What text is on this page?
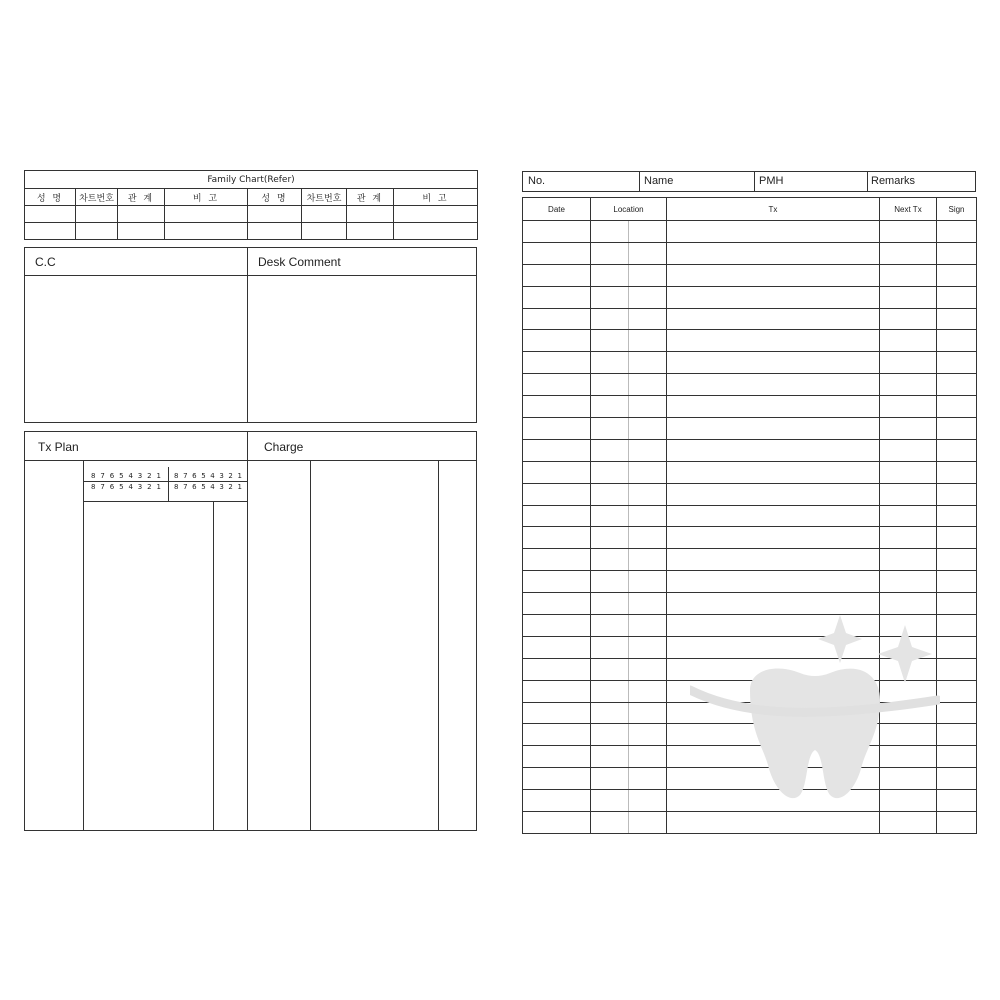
Family Chart(Refer)							
성 명	차트번호	관 계	비 고	성 명	차트번호	관 계	비 고

C.C	Desk Comment
Tx Plan	Charge
8 7 6 5 4 3 2 1 8 7 6 5 4 3 2 1
8 7 6 5 4 3 2 1 8 7 6 5 4 3 2 1
No.	Name	PMH	Remarks
Date	Location	Tx	Next Tx	Sign
